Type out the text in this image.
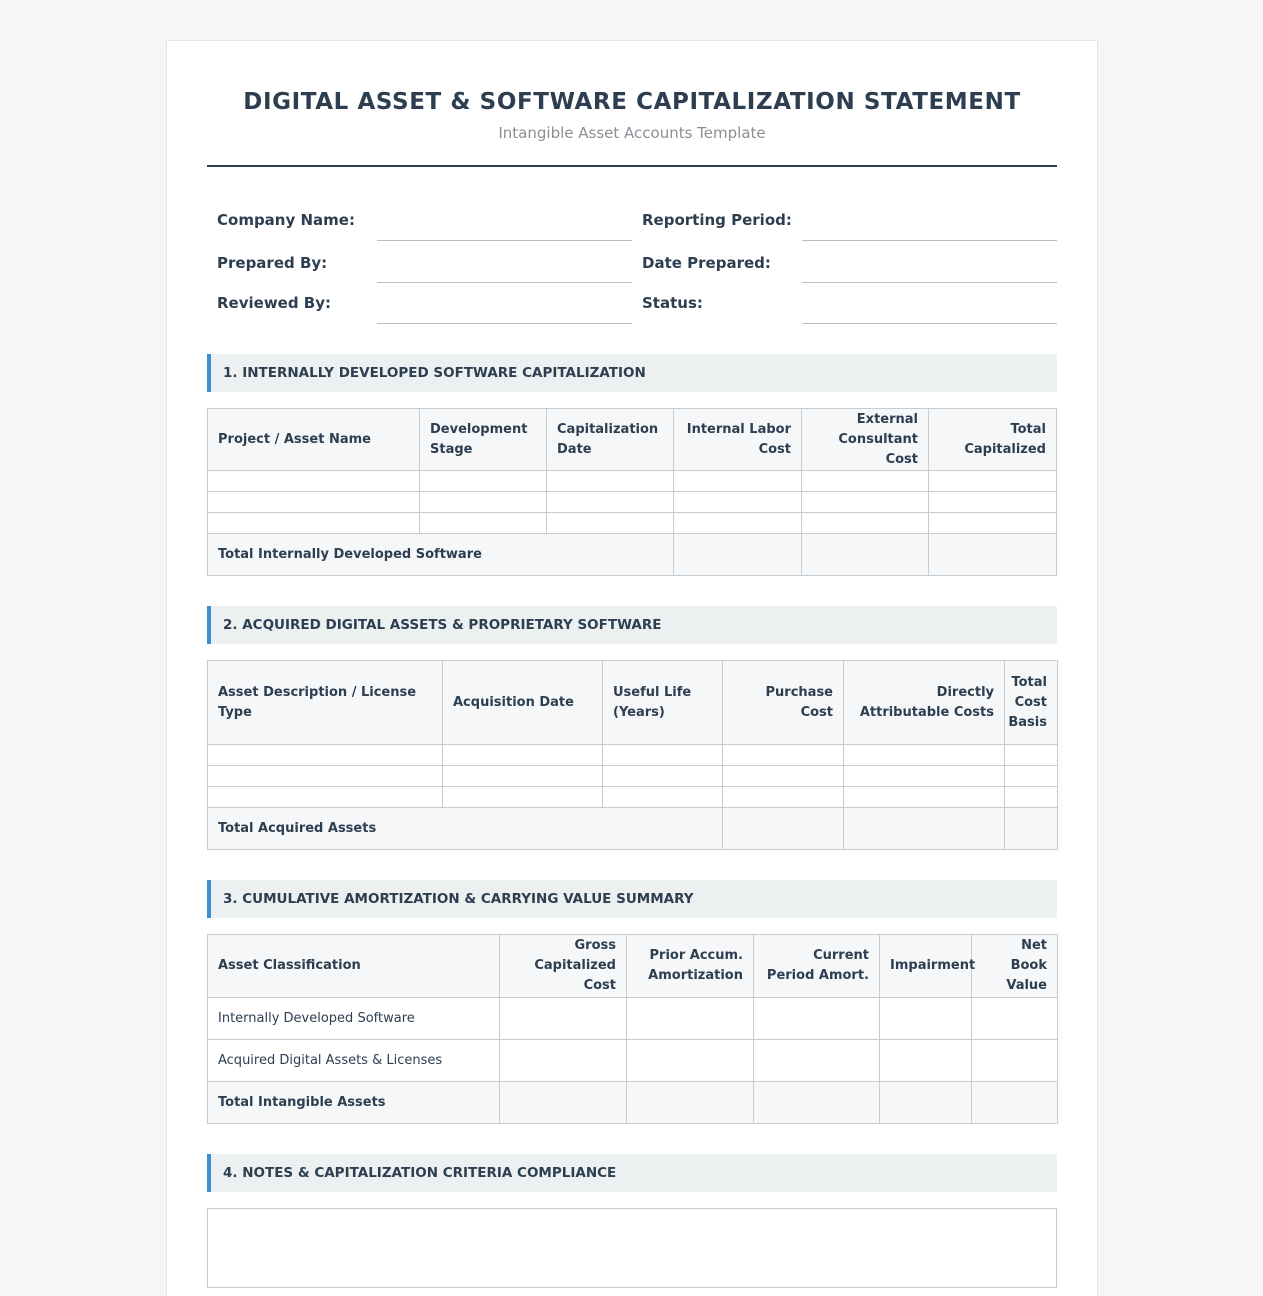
DIGITAL ASSET & SOFTWARE CAPITALIZATION STATEMENT
Intangible Asset Accounts Template
Company Name:	Reporting Period:
Prepared By:	Date Prepared:
Reviewed By:	Status:
1. INTERNALLY DEVELOPED SOFTWARE CAPITALIZATION
Project / Asset Name	Development Stage	Capitalization Date	Internal Labor Cost	External Consultant Cost	Total Capitalized

Total Internally Developed Software					
2. ACQUIRED DIGITAL ASSETS & PROPRIETARY SOFTWARE
Asset Description / License Type	Acquisition Date	Useful Life (Years)	Purchase Cost	Directly Attributable Costs	Total Cost Basis

Total Acquired Assets					
3. CUMULATIVE AMORTIZATION & CARRYING VALUE SUMMARY
Asset Classification	Gross Capitalized Cost	Prior Accum. Amortization	Current Period Amort.	Impairment	Net Book Value
Internally Developed Software					
Acquired Digital Assets & Licenses					
Total Intangible Assets					
4. NOTES & CAPITALIZATION CRITERIA COMPLIANCE
